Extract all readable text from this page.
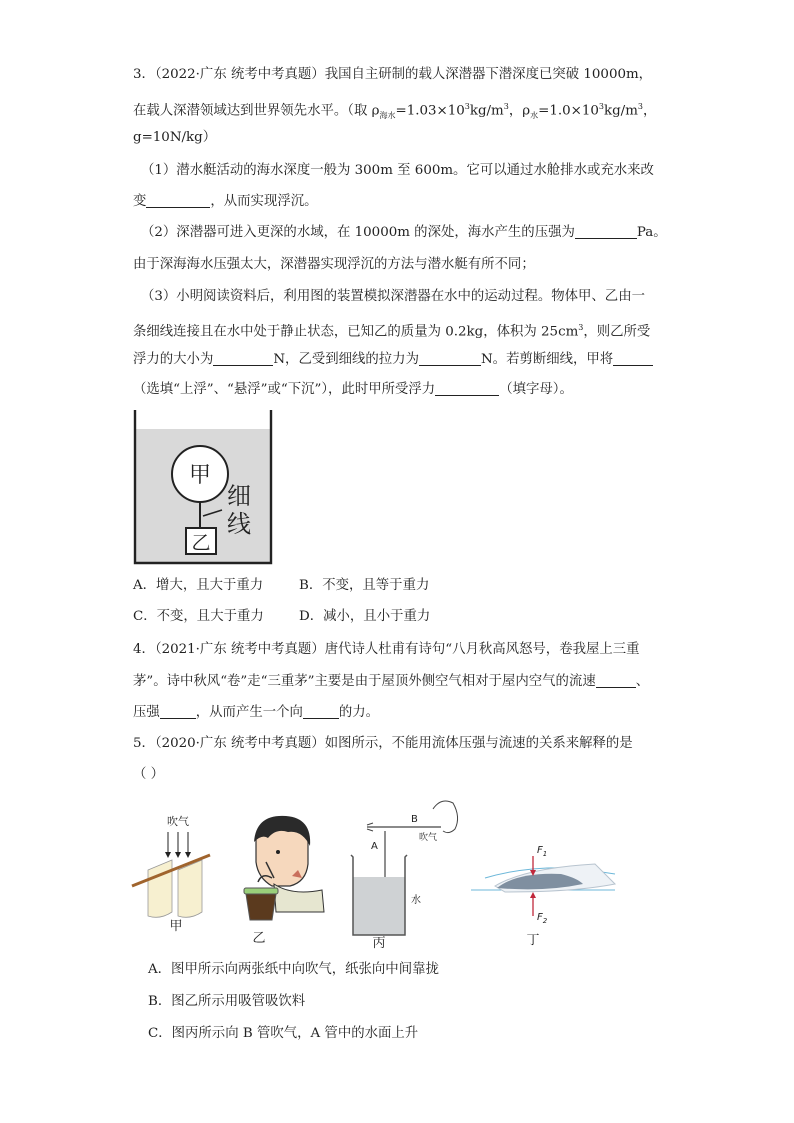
3．（2022·广东 统考中考真题）我国自主研制的载人深潜器下潜深度已突破 10000m，
在载人深潜领域达到世界领先水平。（取 $\rho_{海水}=1.03\times 10^3kg/m^3$，$\rho_水=1.0\times 10^3kg/m^3$，
g=10N/kg）
（1）潜水艇活动的海水深度一般为 300m 至 600m。它可以通过水舱排水或充水来改
变	，从而实现浮沉。
（2）深潜器可进入更深的水域，在 10000m 的深处，海水产生的压强为	Pa。
由于深海海水压强太大，深潜器实现浮沉的方法与潜水艇有所不同；
（3）小明阅读资料后，利用图的装置模拟深潜器在水中的运动过程。物体甲、乙由一
条细线连接且在水中处于静止状态，已知乙的质量为 0.2kg，体积为 $25cm^3$，则乙所受
浮力的大小为	N，乙受到细线的拉力为	N。若剪断细线，甲将
（选填“上浮”、“悬浮”或“下沉”），此时甲所受浮力	（填字母）。
甲
乙
细
线
A．增大，且大于重力	B．不变，且等于重力
C．不变，且大于重力	D．减小，且小于重力
4．（2021·广东 统考中考真题）唐代诗人杜甫有诗句“八月秋高风怒号，卷我屋上三重
茅”。诗中秋风“卷”走“三重茅”主要是由于屋顶外侧空气相对于屋内空气的流速	、
压强	，从而产生一个向	的力。
5．（2020·广东 统考中考真题）如图所示，不能用流体压强与流速的关系来解释的是
（ ）
吹气
甲
乙
B
吹气
A
水
丙
$F_1$
$F_2$
丁
A．图甲所示向两张纸中向吹气，纸张向中间靠拢
B．图乙所示用吸管吸饮料
C．图丙所示向 B 管吹气，A 管中的水面上升
